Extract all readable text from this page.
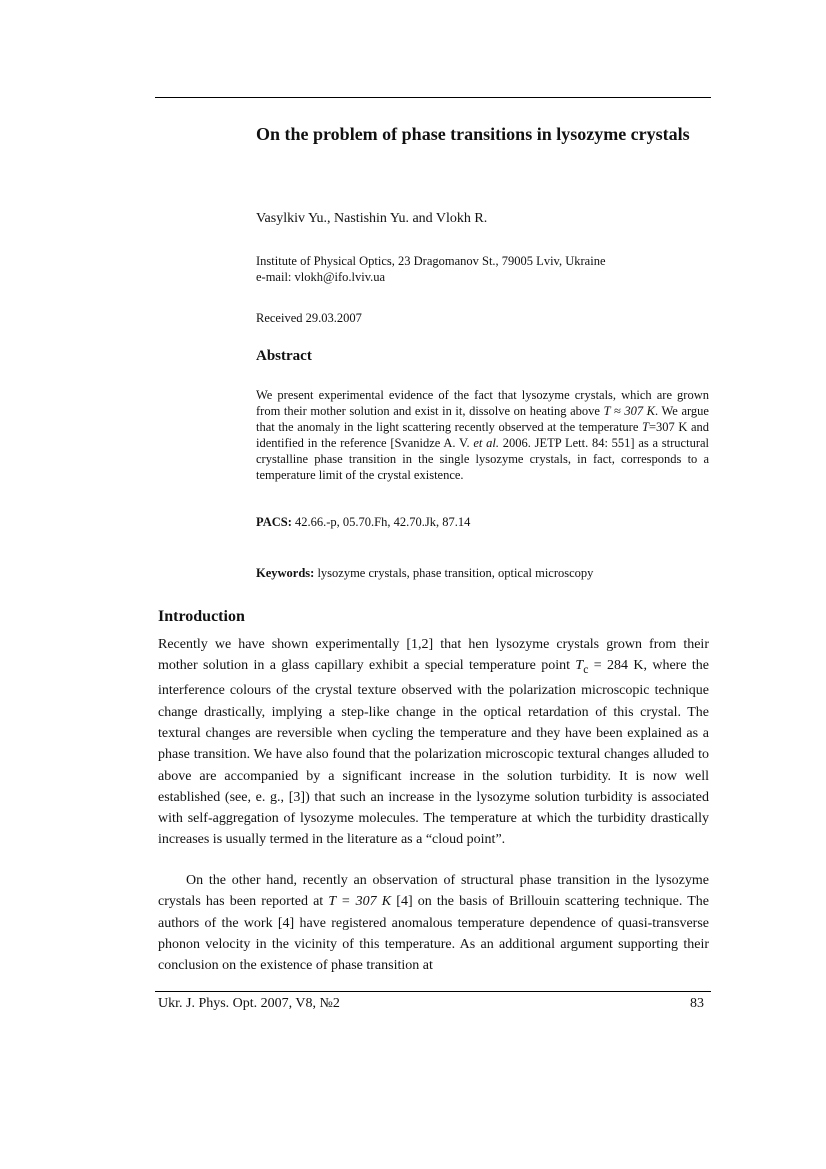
On the problem of phase transitions in lysozyme crystals
Vasylkiv Yu., Nastishin Yu. and Vlokh R.
Institute of Physical Optics, 23 Dragomanov St., 79005 Lviv, Ukraine
e-mail: vlokh@ifo.lviv.ua
Received 29.03.2007
Abstract

We present experimental evidence of the fact that lysozyme crystals, which are grown from their mother solution and exist in it, dissolve on heating above T ≈ 307 K. We argue that the anomaly in the light scattering recently observed at the temperature T=307 K and identified in the reference [Svanidze A. V. et al. 2006. JETP Lett. 84: 551] as a structural crystalline phase transition in the single lysozyme crystals, in fact, corresponds to a temperature limit of the crystal existence.

PACS: 42.66.-p, 05.70.Fh, 42.70.Jk, 87.14
Keywords: lysozyme crystals, phase transition, optical microscopy
Introduction

Recently we have shown experimentally [1,2] that hen lysozyme crystals grown from their mother solution in a glass capillary exhibit a special temperature point $T_c = 284$ K, where the interference colours of the crystal texture observed with the polarization microscopic technique change drastically, implying a step-like change in the optical retardation of this crystal. The textural changes are reversible when cycling the temperature and they have been explained as a phase transition. We have also found that the polarization microscopic textural changes alluded to above are accompanied by a significant increase in the solution turbidity. It is now well established (see, e. g., [3]) that such an increase in the lysozyme solution turbidity is associated with self-aggregation of lysozyme molecules. The temperature at which the turbidity drastically increases is usually termed in the literature as a “cloud point”.

On the other hand, recently an observation of structural phase transition in the lysozyme crystals has been reported at T = 307 K [4] on the basis of Brillouin scattering technique. The authors of the work [4] have registered anomalous temperature dependence of quasi-transverse phonon velocity in the vicinity of this temperature. As an additional argument supporting their conclusion on the existence of phase transition at

Ukr. J. Phys. Opt. 2007, V8, №2	83
